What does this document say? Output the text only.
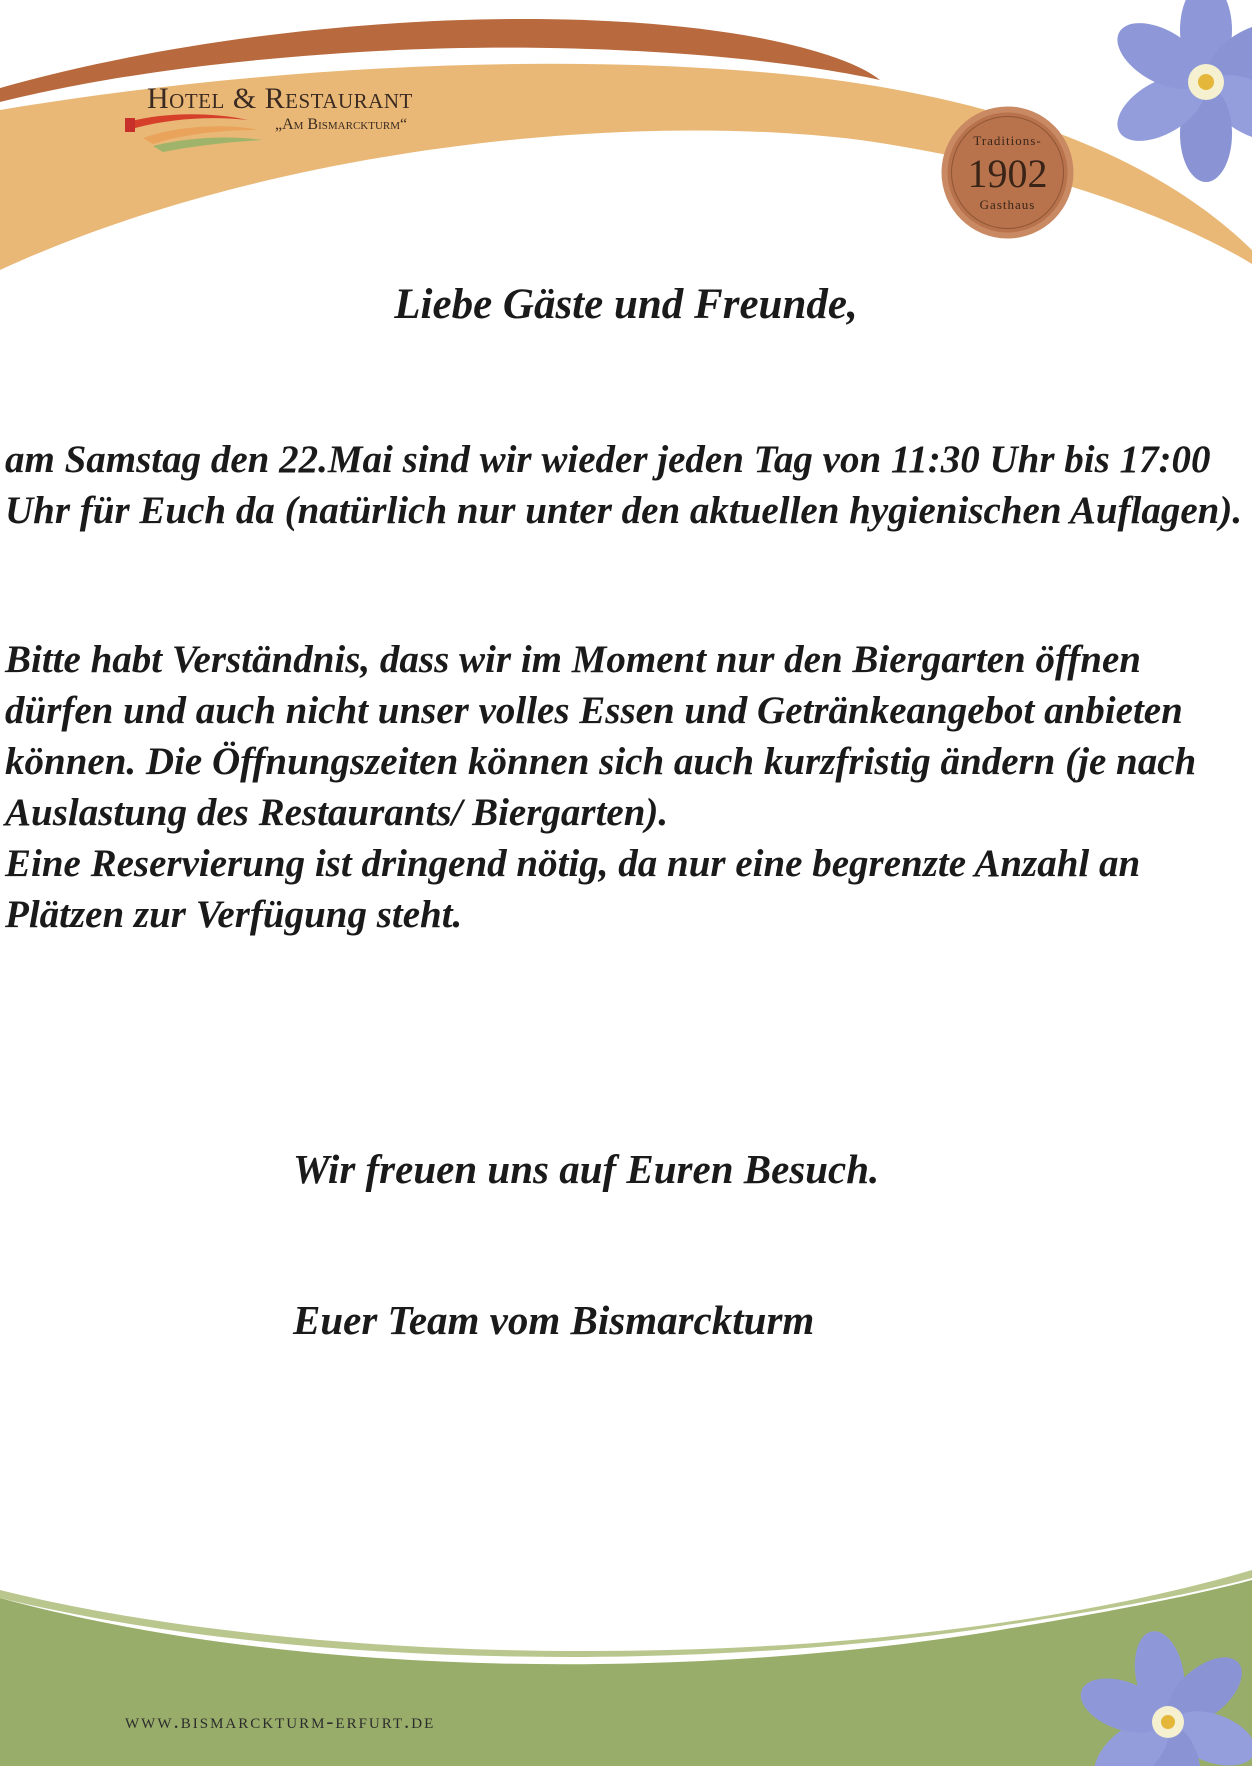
Hotel & Restaurant
„Am Bismarckturm“
Traditions-
1902
Gasthaus
Liebe Gäste und Freunde,

am Samstag den 22.Mai sind wir wieder jeden Tag von 11:30 Uhr bis 17:00 Uhr für Euch da (natürlich nur unter den aktuellen hygienischen Auflagen).

Bitte habt Verständnis, dass wir im Moment nur den Biergarten öffnen dürfen und auch nicht unser volles Essen und Getränkeangebot anbieten können. Die Öffnungszeiten können sich auch kurzfristig ändern (je nach Auslastung des Restaurants/ Biergarten).
Eine Reservierung ist dringend nötig, da nur eine begrenzte Anzahl an Plätzen zur Verfügung steht.

Wir freuen uns auf Euren Besuch.
Euer Team vom Bismarckturm
www.bismarckturm-erfurt.de
